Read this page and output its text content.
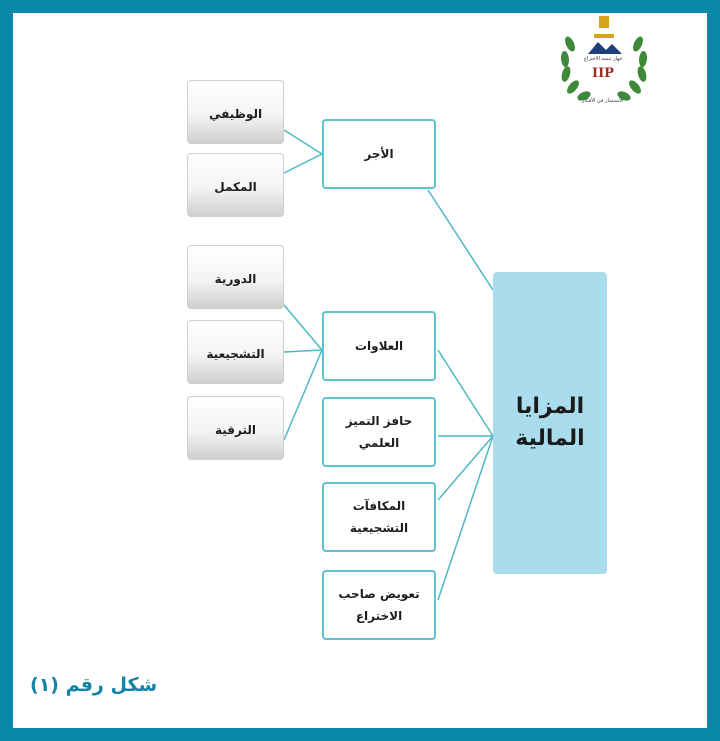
الوظيفي
المكمل
الدورية
التشجيعية
الترقية
الأجر
العلاوات
حافز التميز
العلمي
المكافآت
التشجيعية
تعويض صاحب
الاختراع
المزايا
المالية
جهاز تنمية الاختراع
IIP
الاستثمار في الأفكار
شكل رقم (١)
